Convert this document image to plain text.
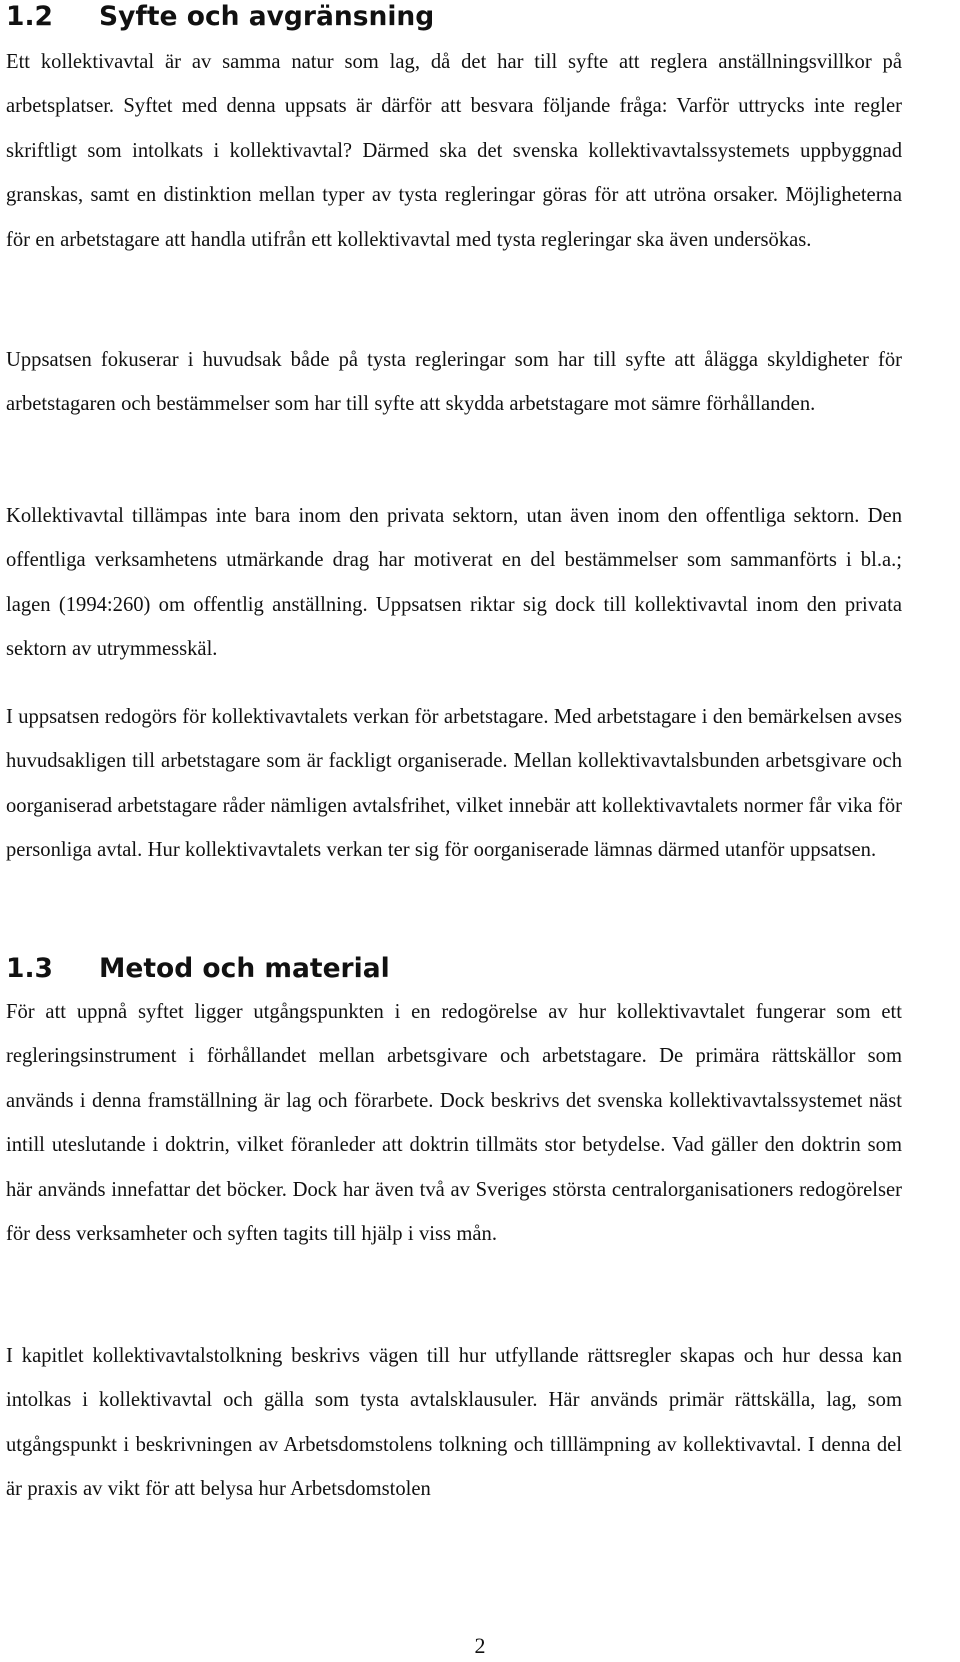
1.2	Syfte och avgränsning

Ett kollektivavtal är av samma natur som lag, då det har till syfte att reglera anställningsvillkor på arbetsplatser. Syftet med denna uppsats är därför att besvara följande fråga: Varför uttrycks inte regler skriftligt som intolkats i kollektivavtal? Därmed ska det svenska kollektivavtalssystemets uppbyggnad granskas, samt en distinktion mellan typer av tysta regleringar göras för att utröna orsaker. Möjligheterna för en arbetstagare att handla utifrån ett kollektivavtal med tysta regleringar ska även undersökas.

Uppsatsen fokuserar i huvudsak både på tysta regleringar som har till syfte att ålägga skyldigheter för arbetstagaren och bestämmelser som har till syfte att skydda arbetstagare mot sämre förhållanden.

Kollektivavtal tillämpas inte bara inom den privata sektorn, utan även inom den offentliga sektorn. Den offentliga verksamhetens utmärkande drag har motiverat en del bestämmelser som sammanförts i bl.a.; lagen (1994:260) om offentlig anställning. Uppsatsen riktar sig dock till kollektivavtal inom den privata sektorn av utrymmesskäl.

I uppsatsen redogörs för kollektivavtalets verkan för arbetstagare. Med arbetstagare i den bemärkelsen avses huvudsakligen till arbetstagare som är fackligt organiserade. Mellan kollektivavtalsbunden arbetsgivare och oorganiserad arbetstagare råder nämligen avtalsfrihet, vilket innebär att kollektivavtalets normer får vika för personliga avtal. Hur kollektivavtalets verkan ter sig för oorganiserade lämnas därmed utanför uppsatsen.

1.3	Metod och material

För att uppnå syftet ligger utgångspunkten i en redogörelse av hur kollektivavtalet fungerar som ett regleringsinstrument i förhållandet mellan arbetsgivare och arbetstagare. De primära rättskällor som används i denna framställning är lag och förarbete. Dock beskrivs det svenska kollektivavtalssystemet näst intill uteslutande i doktrin, vilket föranleder att doktrin tillmäts stor betydelse. Vad gäller den doktrin som här används innefattar det böcker. Dock har även två av Sveriges största centralorganisationers redogörelser för dess verksamheter och syften tagits till hjälp i viss mån.

I kapitlet kollektivavtalstolkning beskrivs vägen till hur utfyllande rättsregler skapas och hur dessa kan intolkas i kollektivavtal och gälla som tysta avtalsklausuler. Här används primär rättskälla, lag, som utgångspunkt i beskrivningen av Arbetsdomstolens tolkning och tilllämpning av kollektivavtal. I denna del är praxis av vikt för att belysa hur Arbetsdomstolen

2
